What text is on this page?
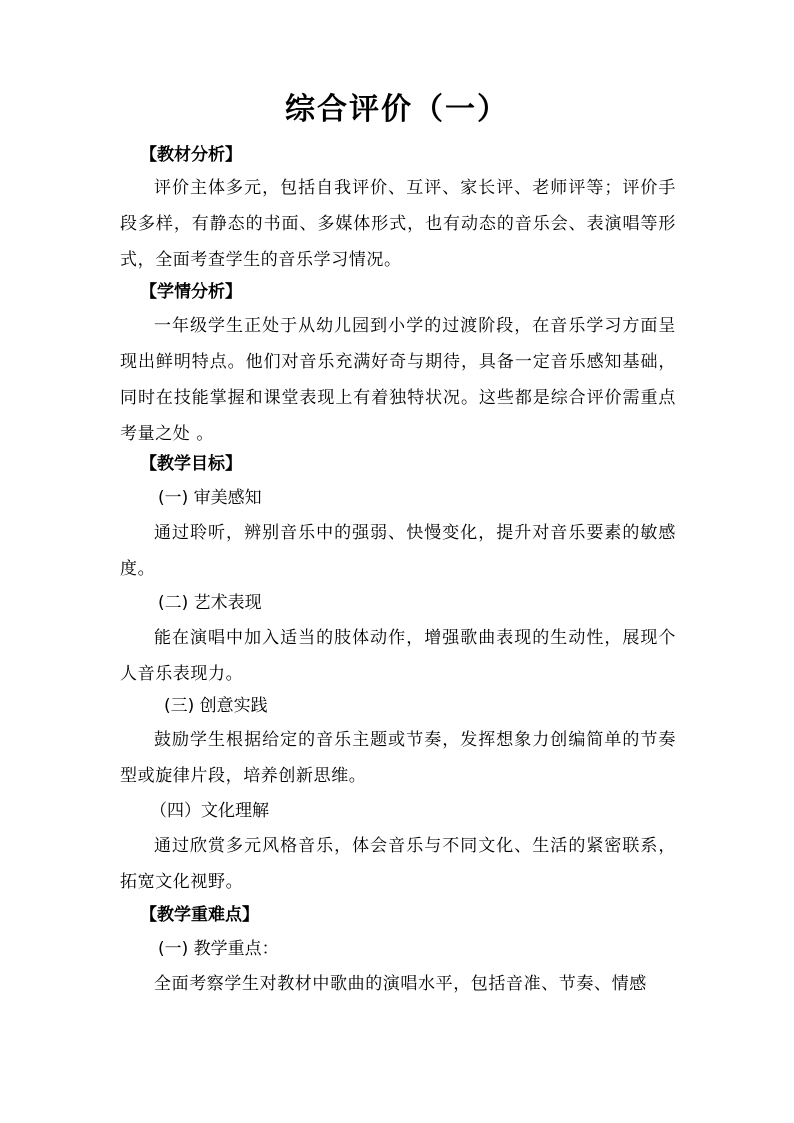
综合评价（一）
【教材分析】

评价主体多元，包括自我评价、互评、家长评、老师评等；评价手段多样，有静态的书面、多媒体形式，也有动态的音乐会、表演唱等形式，全面考查学生的音乐学习情况。

【学情分析】

一年级学生正处于从幼儿园到小学的过渡阶段，在音乐学习方面呈现出鲜明特点。他们对音乐充满好奇与期待，具备一定音乐感知基础，同时在技能掌握和课堂表现上有着独特状况。这些都是综合评价需重点考量之处 。

【教学目标】
(一) 审美感知

通过聆听，辨别音乐中的强弱、快慢变化，提升对音乐要素的敏感度。

(二) 艺术表现

能在演唱中加入适当的肢体动作，增强歌曲表现的生动性，展现个人音乐表现力。

(三) 创意实践

鼓励学生根据给定的音乐主题或节奏，发挥想象力创编简单的节奏型或旋律片段，培养创新思维。

（四）文化理解

通过欣赏多元风格音乐，体会音乐与不同文化、生活的紧密联系，拓宽文化视野。

【教学重难点】
(一) 教学重点：

全面考察学生对教材中歌曲的演唱水平，包括音准、节奏、情感
